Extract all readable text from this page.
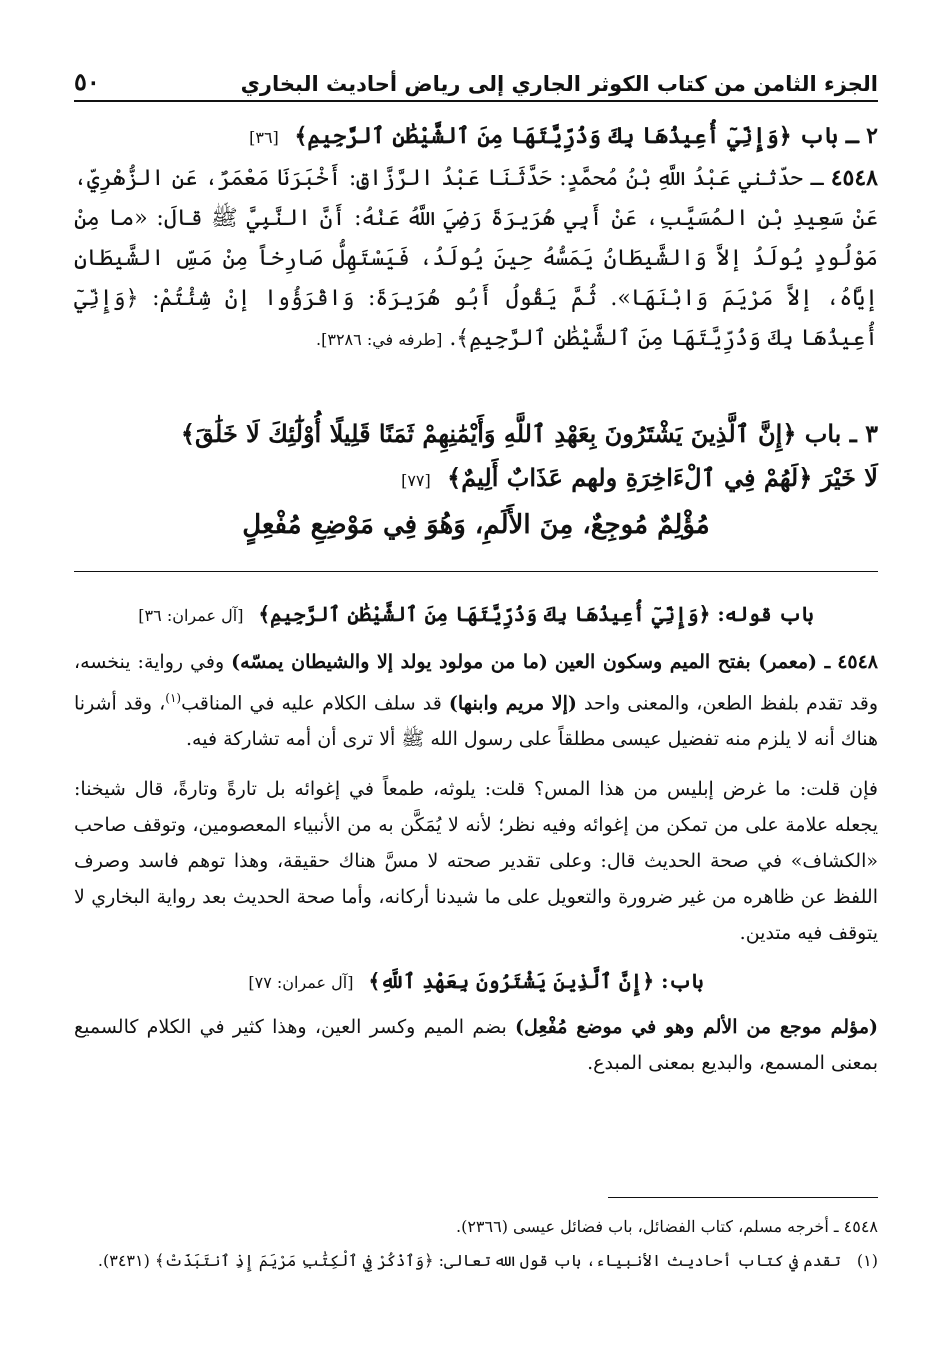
الجزء الثامن من كتاب الكوثر الجاري إلى رياض أحاديث البخاري
٥٠

٢ ـ باب ﴿وَإِنِّيٓ أُعِيذُهَا بِكَ وَذُرِّيَّتَهَا مِنَ ٱلشَّيْطَٰنِ ٱلرَّجِيمِ﴾ [٣٦]

٤٥٤٨ ـ حدّثني عَبْدُ اللَّهِ بْنُ مُحمَّدٍ: حَدَّثَنَا عَبْدُ الرَّزَّاقِ: أَخْبَرَنَا مَعْمَرٌ، عَنِ الزُّهْرِيِّ، عَنْ سَعِيدِ بْنِ المُسَيَّبِ، عَنْ أَبِي هُرَيرَةَ رَضِيَ اللَّهُ عَنْهُ: أَنَّ النَّبِيَّ ﷺ قالَ: «ما مِنْ مَوْلُودٍ يُولَدُ إلاَّ وَالشَّيطَانُ يَمَسُّهُ حِينَ يُولَدُ، فَيَسْتَهِلُّ صَارِخاً مِنْ مَسِّ الشَّيطَانِ إيَّاهُ، إلاَّ مَرْيَمَ وَابْنَهَا». ثُمَّ يَقُولُ أَبُو هُرَيرَةَ: وَاقْرَؤُوا إنْ شِئْتُمْ: ﴿وَإِنِّيٓ أُعِيذُهَا بِكَ وَذُرِّيَّتَهَا مِنَ ٱلشَّيْطَٰنِ ٱلرَّجِيمِ﴾. [طرفه في: ٣٢٨٦].

٣ ـ باب ﴿إِنَّ ٱلَّذِينَ يَشْتَرُونَ بِعَهْدِ ٱللَّهِ وَأَيْمَٰنِهِمْ ثَمَنًا قَلِيلًا أُوْلَٰٓئِكَ لَا خَلَٰقَ﴾
لَا خَيْرَ ﴿لَهُمْ فِي ٱلْءَاخِرَةِ ولهم عَذَابٌ أَلِيمٌ﴾ [٧٧]
مُؤْلِمٌ مُوجِعٌ، مِنَ الأَلَمِ، وَهُوَ فِي مَوْضِعِ مُفْعِلٍ

باب قوله: ﴿وَإِنِّيٓ أُعِيذُهَا بِكَ وَذُرِّيَّتَهَا مِنَ ٱلشَّيْطَٰنِ ٱلرَّجِيمِ﴾ [آل عمران: ٣٦]

٤٥٤٨ ـ (معمر) بفتح الميم وسكون العين (ما من مولود يولد إلا والشيطان يمسّه) وفي رواية: ينخسه، وقد تقدم بلفظ الطعن، والمعنى واحد (إلا مريم وابنها) قد سلف الكلام عليه في المناقب$^{(١)}$، وقد أشرنا هناك أنه لا يلزم منه تفضيل عيسى مطلقاً على رسول الله ﷺ ألا ترى أن أمه تشاركة فيه.

فإن قلت: ما غرض إبليس من هذا المس؟ قلت: يلوثه، طمعاً في إغوائه بل تارةً وتارةً، قال شيخنا: يجعله علامة على من تمكن من إغوائه وفيه نظر؛ لأنه لا يُمَكَّن به من الأنبياء المعصومين، وتوقف صاحب «الكشاف» في صحة الحديث قال: وعلى تقدير صحته لا مسَّ هناك حقيقة، وهذا توهم فاسد وصرف اللفظ عن ظاهره من غير ضرورة والتعويل على ما شيدنا أركانه، وأما صحة الحديث بعد رواية البخاري لا يتوقف فيه متدين.

باب: ﴿إِنَّ ٱلَّذِينَ يَشْتَرُونَ بِعَهْدِ ٱللَّهِ﴾ [آل عمران: ٧٧]

(مؤلم موجع من الألم وهو في موضع مُفْعِل) بضم الميم وكسر العين، وهذا كثير في الكلام كالسميع بمعنى المسمع، والبديع بمعنى المبدع.

٤٥٤٨ ـ أخرجه مسلم، كتاب الفضائل، باب فضائل عيسى (٢٣٦٦).

(١) تقدم في كتاب أحاديث الأنبياء، باب قول الله تعالى: ﴿وَٱذْكُرْ فِي ٱلْكِتَٰبِ مَرْيَمَ إِذِ ٱنتَبَذَتْ﴾ (٣٤٣١).
